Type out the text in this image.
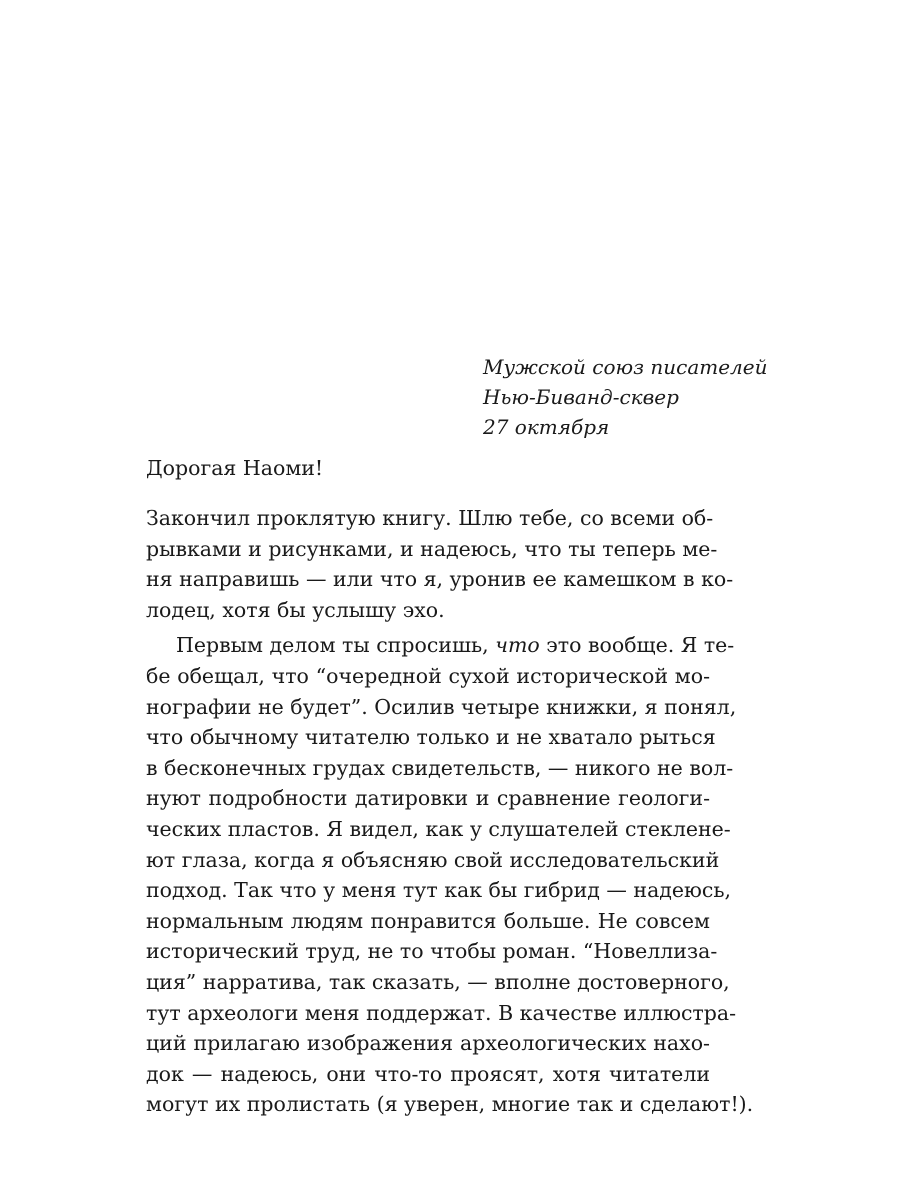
Мужской союз писателей
Нью-Биванд-сквер
27 октября
Дорогая Наоми!
Закончил проклятую книгу. Шлю тебе, со всеми об-
рывками и рисунками, и надеюсь, что ты теперь ме-
ня направишь — или что я, уронив ее камешком в ко-
лодец, хотя бы услышу эхо.
Первым делом ты спросишь, что это вообще. Я те-
бе обещал, что “очередной сухой исторической мо-
нографии не будет”. Осилив четыре книжки, я понял,
что обычному читателю только и не хватало рыться
в бесконечных грудах свидетельств, — никого не вол-
нуют подробности датировки и сравнение геологи-
ческих пластов. Я видел, как у слушателей стеклене-
ют глаза, когда я объясняю свой исследовательский
подход. Так что у меня тут как бы гибрид — надеюсь,
нормальным людям понравится больше. Не совсем
исторический труд, не то чтобы роман. “Новеллиза-
ция” нарратива, так сказать, — вполне достоверного,
тут археологи меня поддержат. В качестве иллюстра-
ций прилагаю изображения археологических нахо-
док — надеюсь, они что-то проясят, хотя читатели
могут их пролистать (я уверен, многие так и сделают!).
